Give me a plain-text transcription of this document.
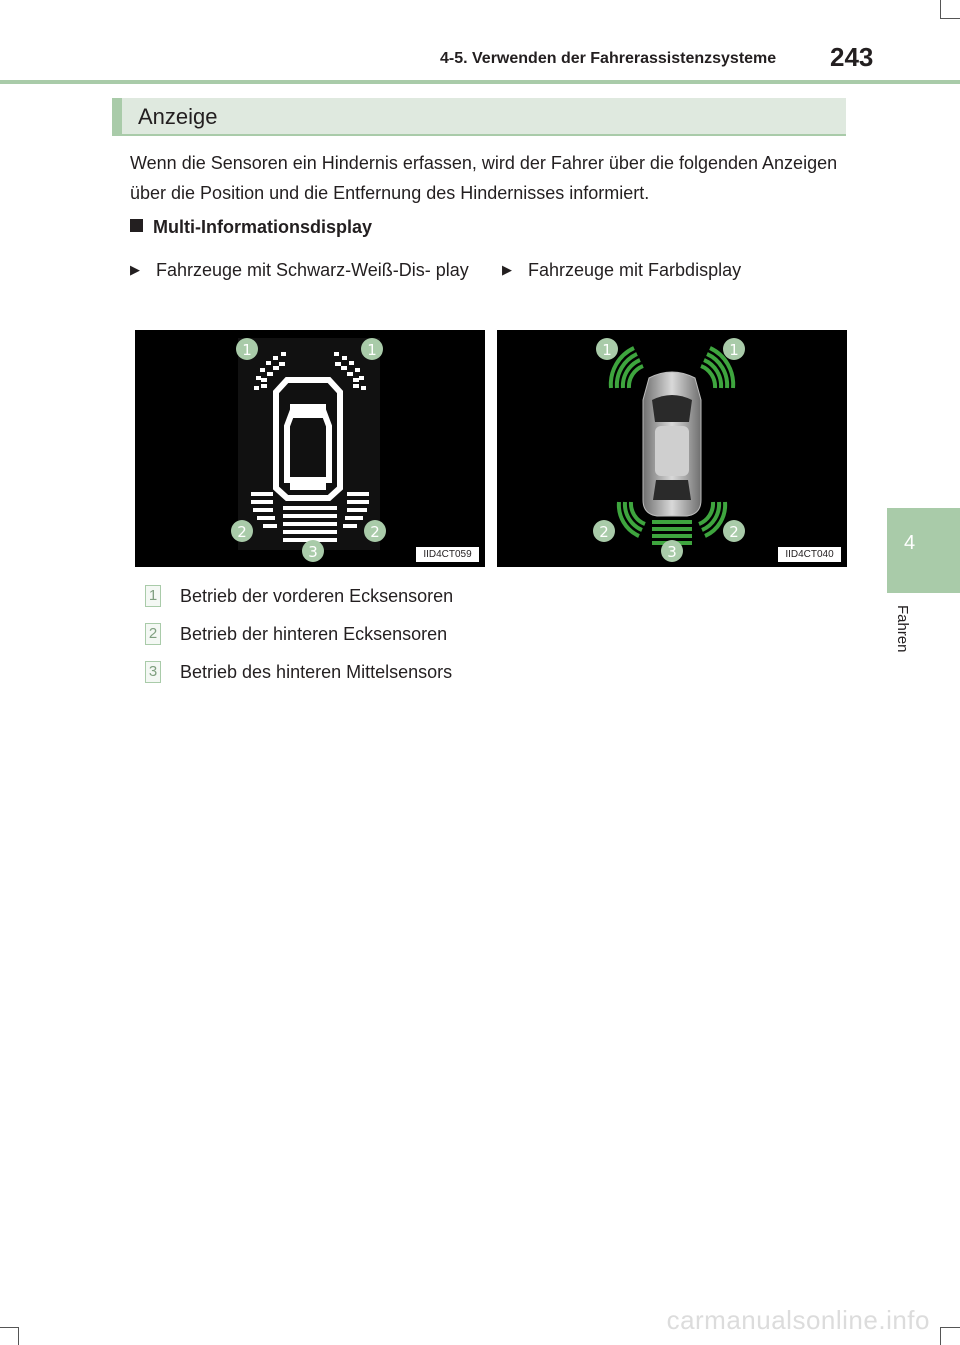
4-5. Verwenden der Fahrerassistenzsysteme 243
4
Fahren
Anzeige

Wenn die Sensoren ein Hindernis erfassen, wird der Fahrer über die folgenden Anzeigen über die Position und die Entfernung des Hindernisses informiert.

Multi-Informationsdisplay
▶ Fahrzeuge mit Schwarz-Weiß-Dis- play	▶ Fahrzeuge mit Farbdisplay
1	1
2	2
3	IID4CT059
1	1
2	2
3	IID4CT040
1 Betrieb der vorderen Ecksensoren
2 Betrieb der hinteren Ecksensoren
3 Betrieb des hinteren Mittelsensors
carmanualsonline.info
